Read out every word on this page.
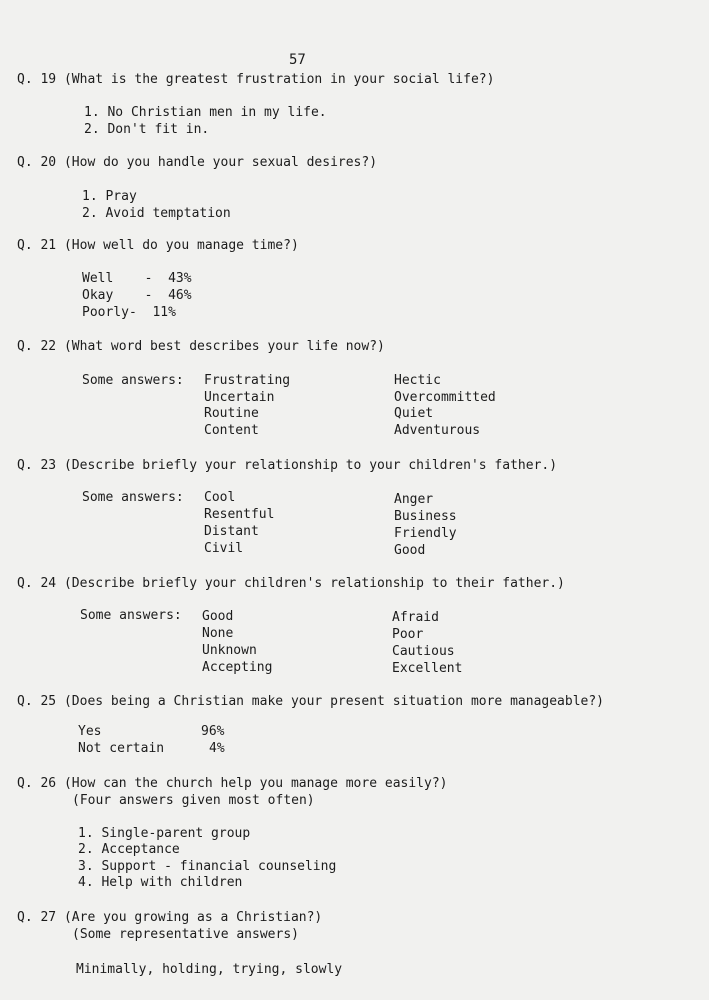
57
Q. 19 (What is the greatest frustration in your social life?)
1. No Christian men in my life.
2. Don't fit in.
Q. 20 (How do you handle your sexual desires?)
1. Pray
2. Avoid temptation
Q. 21 (How well do you manage time?)
Well    -  43%
Okay    -  46%
Poorly-  11%
Q. 22 (What word best describes your life now?)
Some answers: Frustrating
Uncertain
Routine
Content
Hectic
Overcommitted
Quiet
Adventurous
Q. 23 (Describe briefly your relationship to your children's father.)
Some answers: Cool
Resentful
Distant
Civil
Anger
Business
Friendly
Good
Q. 24 (Describe briefly your children's relationship to their father.)
Some answers: Good
None
Unknown
Accepting
Afraid
Poor
Cautious
Excellent
Q. 25 (Does being a Christian make your present situation more manageable?)
Yes	96%
Not certain	4%
Q. 26 (How can the church help you manage more easily?)
(Four answers given most often)
1. Single-parent group
2. Acceptance
3. Support - financial counseling
4. Help with children
Q. 27 (Are you growing as a Christian?)
(Some representative answers)
Minimally, holding, trying, slowly
